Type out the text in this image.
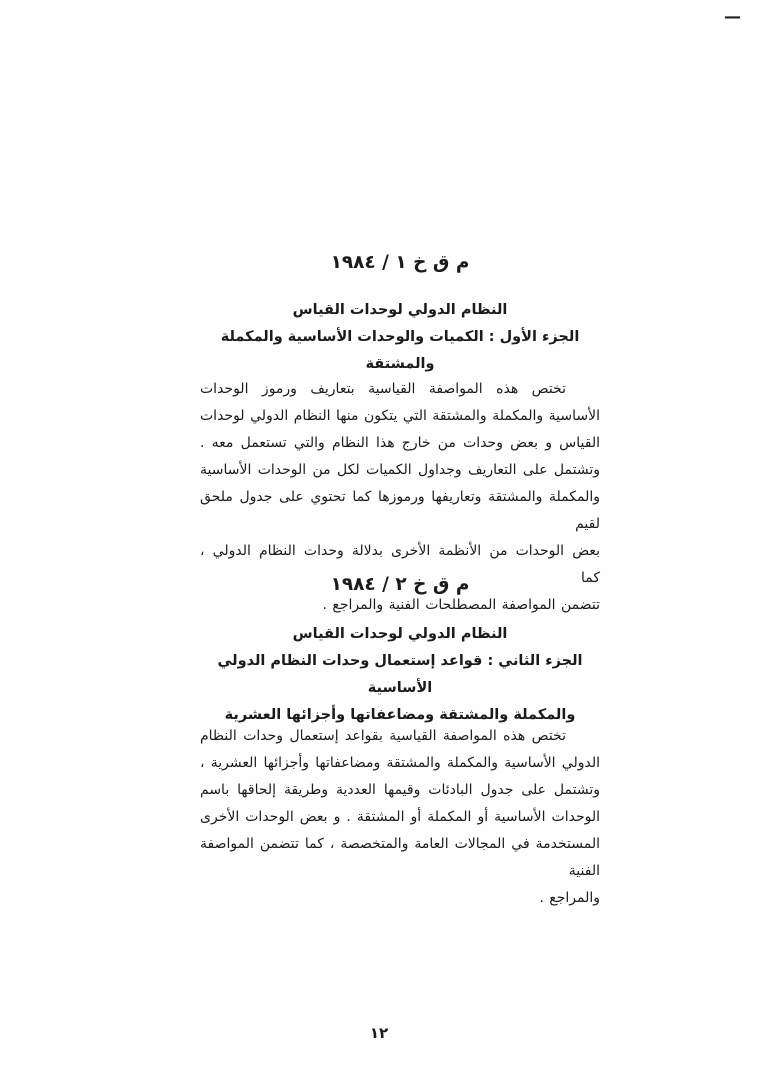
—
م ق خ ١ / ١٩٨٤
النظام الدولي لوحدات القياس
الجزء الأول : الكميات والوحدات الأساسية والمكملة والمشتقة
تختص هذه المواصفة القياسية بتعاريف ورموز الوحدات
الأساسية والمكملة والمشتقة التي يتكون منها النظام الدولي لوحدات
القياس و بعض وحدات من خارج هذا النظام والتي تستعمل معه .
وتشتمل على التعاريف وجداول الكميات لكل من الوحدات الأساسية
والمكملة والمشتقة وتعاريفها ورموزها كما تحتوي على جدول ملحق لقيم
بعض الوحدات من الأنظمة الأخرى بدلالة وحدات النظام الدولي ، كما
تتضمن المواصفة المصطلحات الفنية والمراجع .
م ق خ ٢ / ١٩٨٤
النظام الدولي لوحدات القياس
الجزء الثاني : قواعد إستعمال وحدات النظام الدولي الأساسية
والمكملة والمشتقة ومضاعفاتها وأجزائها العشرية
تختص هذه المواصفة القياسية بقواعد إستعمال وحدات النظام
الدولي الأساسية والمكملة والمشتقة ومضاعفاتها وأجزائها العشرية ،
وتشتمل على جدول البادئات وقيمها العددية وطريقة إلحاقها باسم
الوحدات الأساسية أو المكملة أو المشتقة . و بعض الوحدات الأخرى
المستخدمة في المجالات العامة والمتخصصة ، كما تتضمن المواصفة الفنية
والمراجع .
١٢
